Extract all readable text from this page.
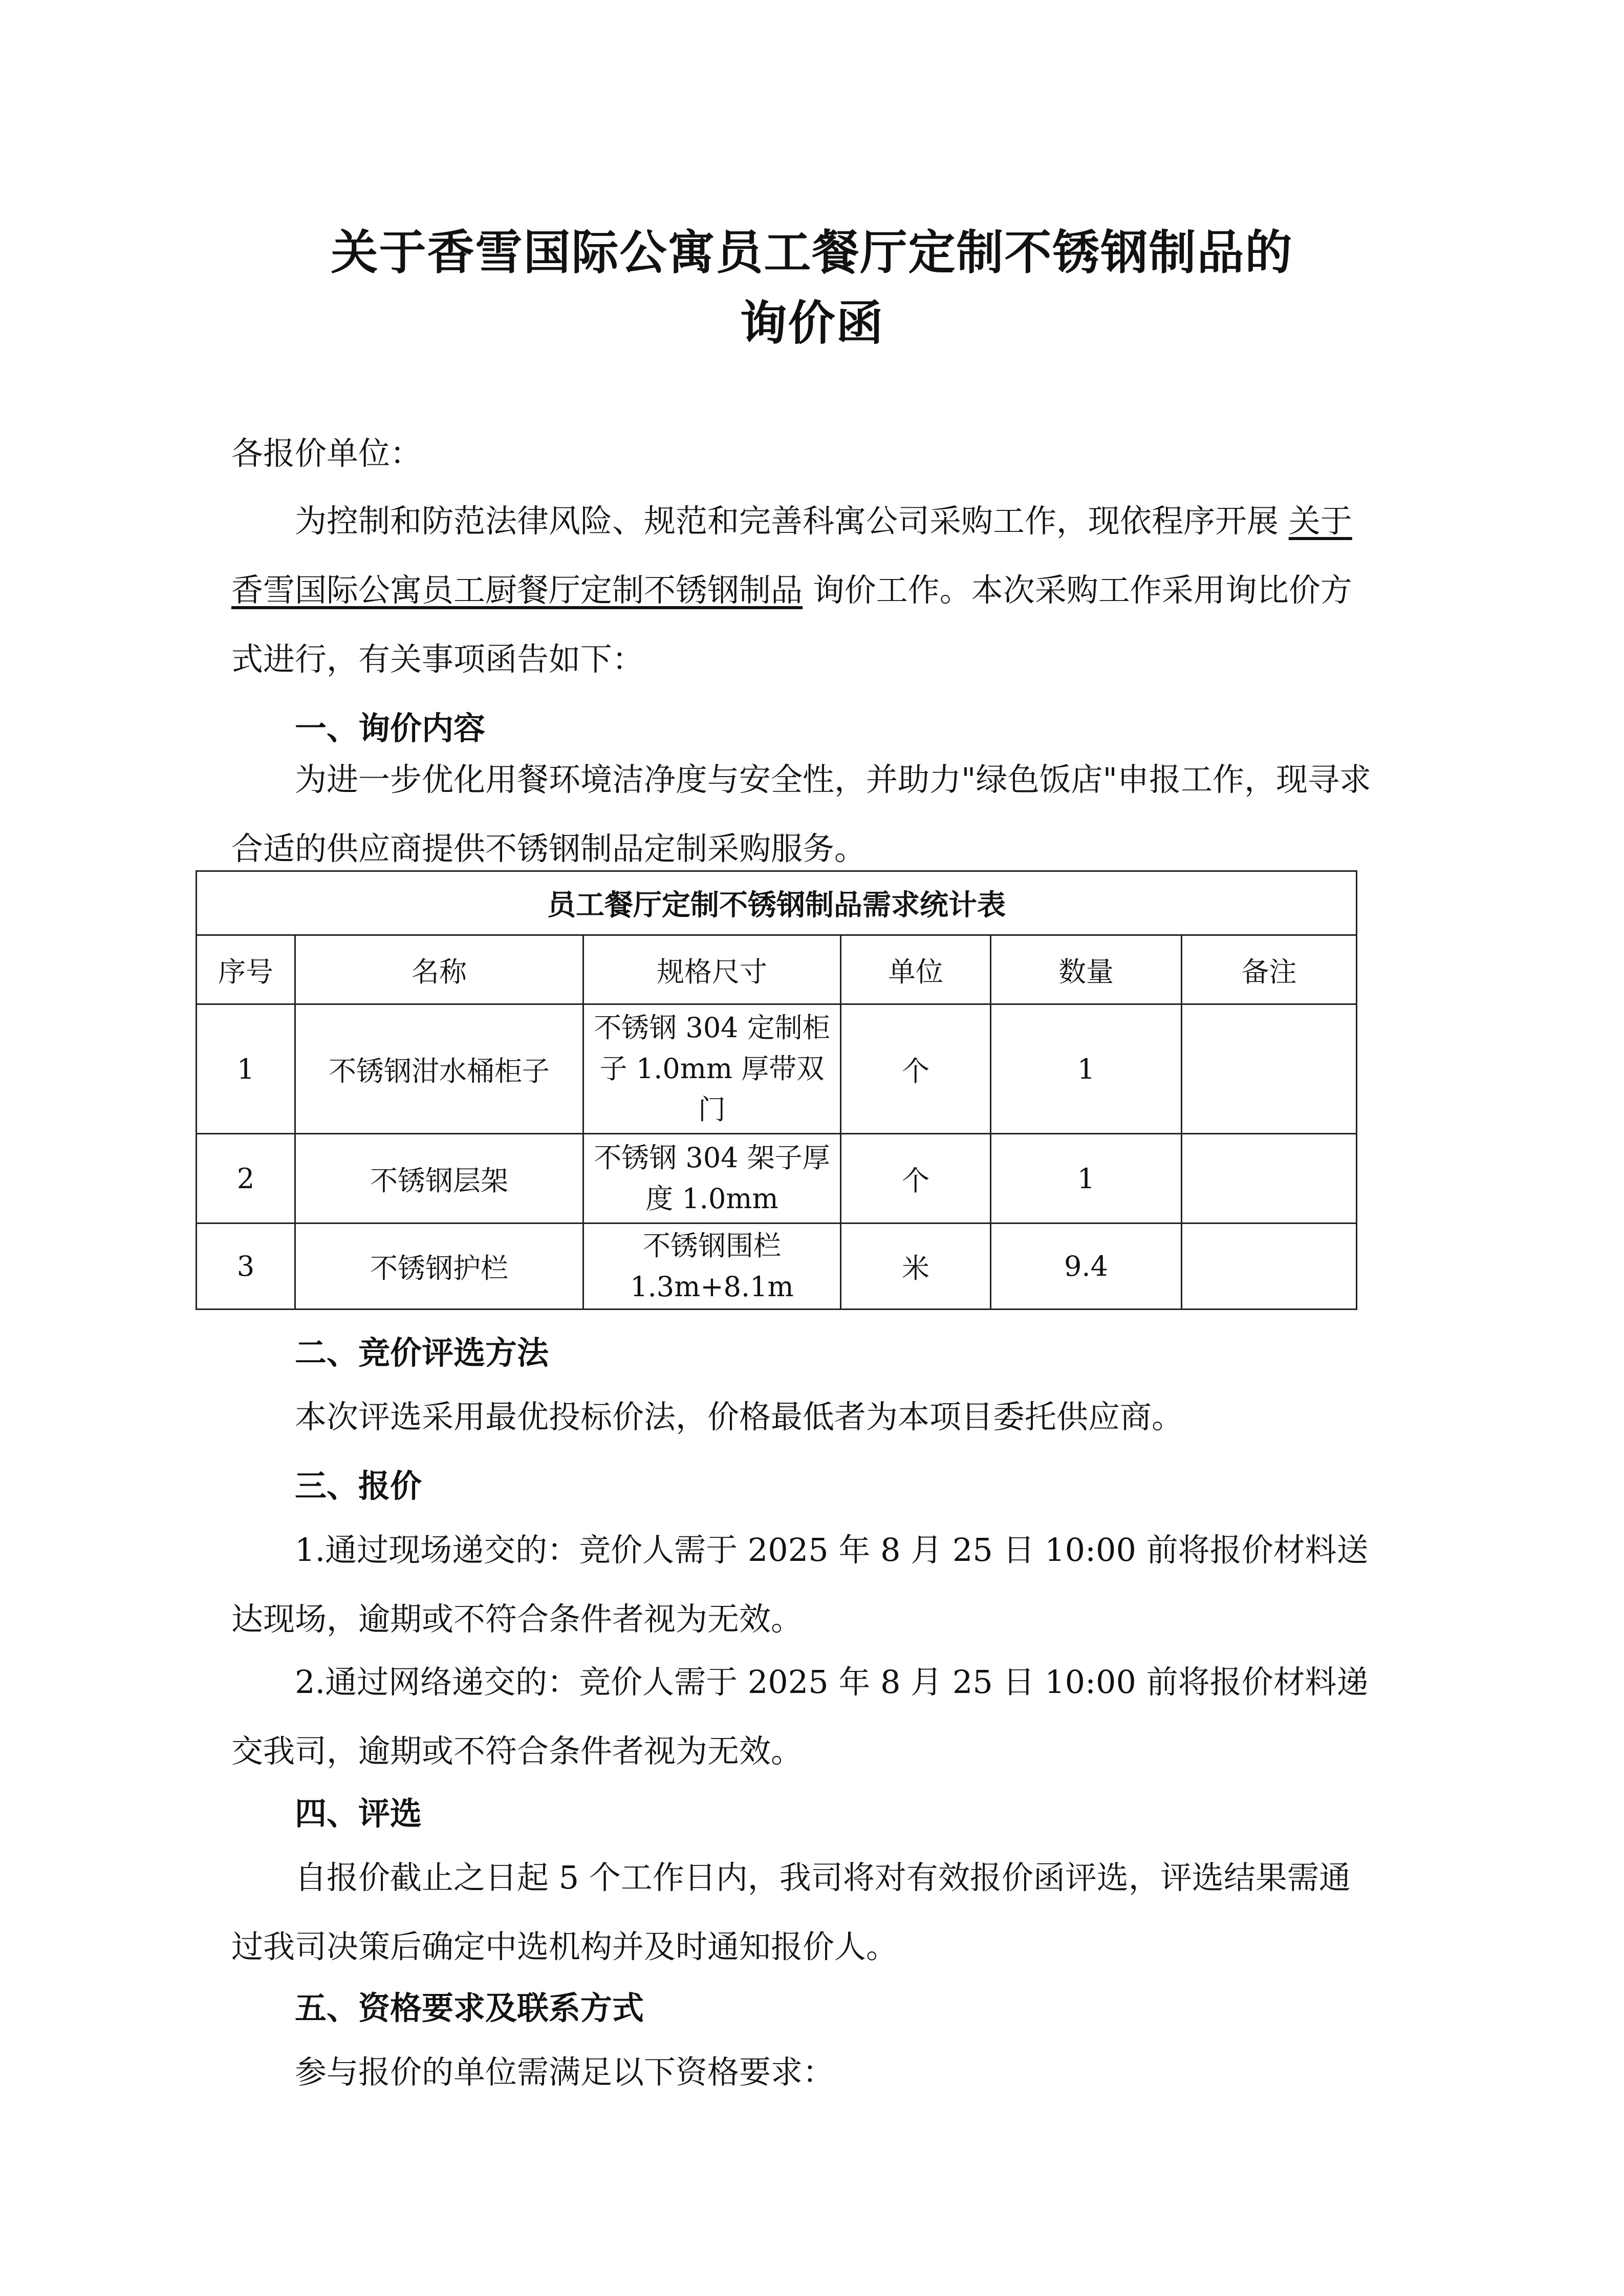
关于香雪国际公寓员工餐厅定制不锈钢制品的
询价函

各报价单位：

为控制和防范法律风险、规范和完善科寓公司采购工作，现依程序开展 关于香雪国际公寓员工厨餐厅定制不锈钢制品 询价工作。本次采购工作采用询比价方式进行，有关事项函告如下：

一、询价内容

为进一步优化用餐环境洁净度与安全性，并助力"绿色饭店"申报工作，现寻求合适的供应商提供不锈钢制品定制采购服务。

员工餐厅定制不锈钢制品需求统计表					
序号	名称	规格尺寸	单位	数量	备注
1	不锈钢泔水桶柜子	不锈钢 304 定制柜子 1.0mm 厚带双门	个	1	
2	不锈钢层架	不锈钢 304 架子厚度 1.0mm	个	1	
3	不锈钢护栏	不锈钢围栏 1.3m+8.1m	米	9.4	

二、竞价评选方法

本次评选采用最优投标价法，价格最低者为本项目委托供应商。

三、报价

1.通过现场递交的：竞价人需于 2025 年 8 月 25 日 10:00 前将报价材料送达现场，逾期或不符合条件者视为无效。

2.通过网络递交的：竞价人需于 2025 年 8 月 25 日 10:00 前将报价材料递交我司，逾期或不符合条件者视为无效。

四、评选

自报价截止之日起 5 个工作日内，我司将对有效报价函评选，评选结果需通过我司决策后确定中选机构并及时通知报价人。

五、资格要求及联系方式

参与报价的单位需满足以下资格要求：
